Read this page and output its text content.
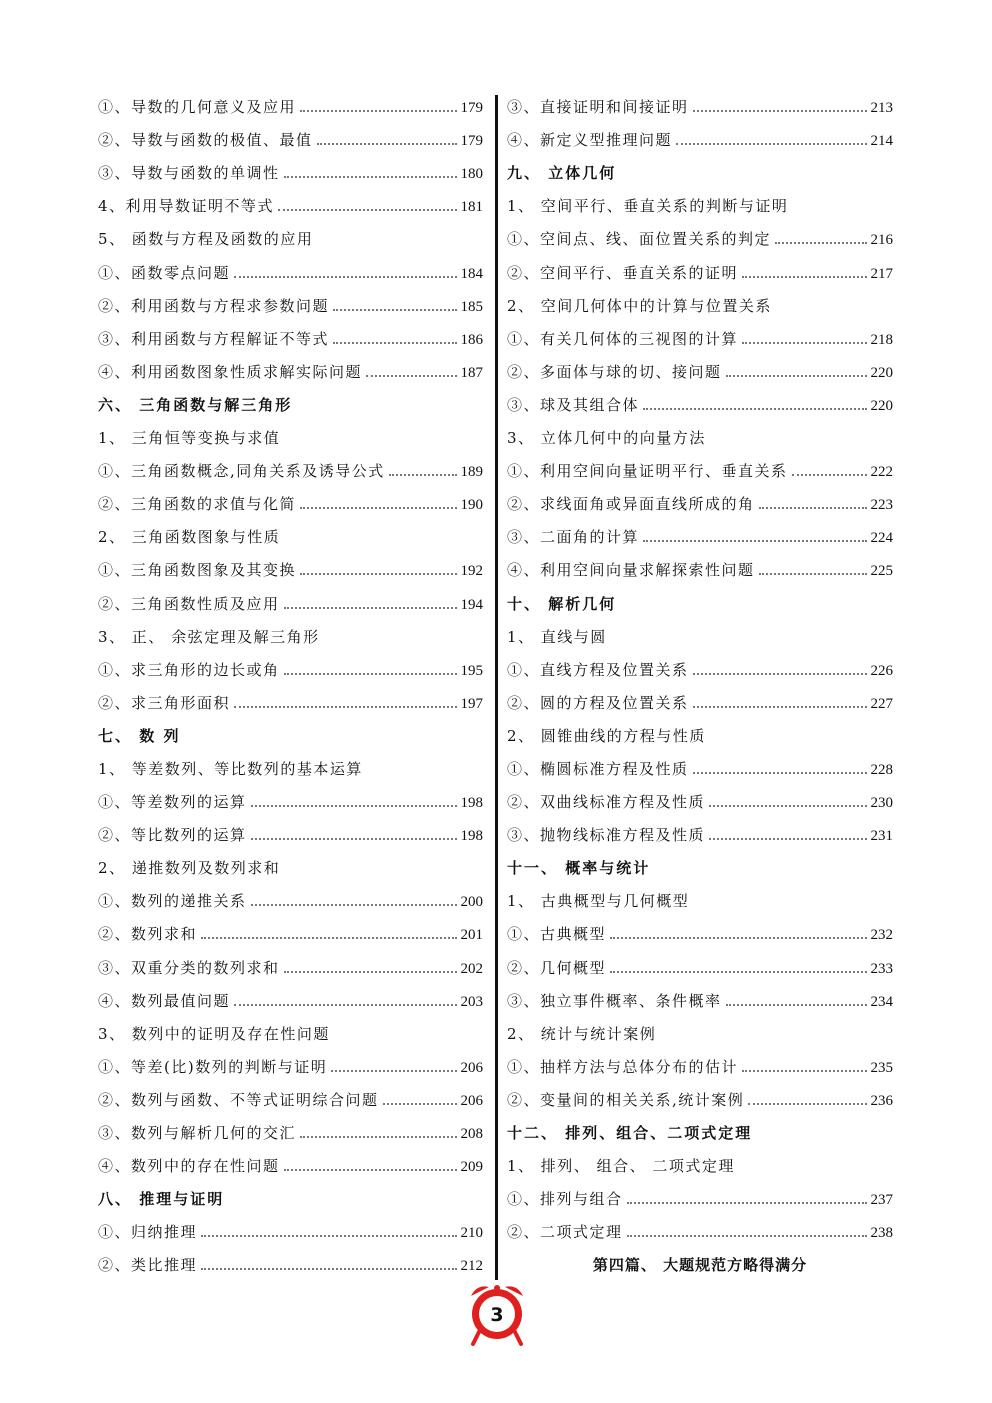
①、导数的几何意义及应用	179
②、导数与函数的极值、最值	179
③、导数与函数的单调性	180
4、利用导数证明不等式	181
5、 函数与方程及函数的应用
①、函数零点问题	184
②、利用函数与方程求参数问题	185
③、利用函数与方程解证不等式	186
④、利用函数图象性质求解实际问题	187
六、 三角函数与解三角形
1、 三角恒等变换与求值
①、三角函数概念,同角关系及诱导公式	189
②、三角函数的求值与化简	190
2、 三角函数图象与性质
①、三角函数图象及其变换	192
②、三角函数性质及应用	194
3、 正、 余弦定理及解三角形
①、求三角形的边长或角	195
②、求三角形面积	197
七、 数 列
1、 等差数列、等比数列的基本运算
①、等差数列的运算	198
②、等比数列的运算	198
2、 递推数列及数列求和
①、数列的递推关系	200
②、数列求和	201
③、双重分类的数列求和	202
④、数列最值问题	203
3、 数列中的证明及存在性问题
①、等差(比)数列的判断与证明	206
②、数列与函数、不等式证明综合问题	206
③、数列与解析几何的交汇	208
④、数列中的存在性问题	209
八、 推理与证明
①、归纳推理	210
②、类比推理	212
③、直接证明和间接证明	213
④、新定义型推理问题	214
九、 立体几何
1、 空间平行、垂直关系的判断与证明
①、空间点、线、面位置关系的判定	216
②、空间平行、垂直关系的证明	217
2、 空间几何体中的计算与位置关系
①、有关几何体的三视图的计算	218
②、多面体与球的切、接问题	220
③、球及其组合体	220
3、 立体几何中的向量方法
①、利用空间向量证明平行、垂直关系	222
②、求线面角或异面直线所成的角	223
③、二面角的计算	224
④、利用空间向量求解探索性问题	225
十、 解析几何
1、 直线与圆
①、直线方程及位置关系	226
②、圆的方程及位置关系	227
2、 圆锥曲线的方程与性质
①、椭圆标准方程及性质	228
②、双曲线标准方程及性质	230
③、抛物线标准方程及性质	231
十一、 概率与统计
1、 古典概型与几何概型
①、古典概型	232
②、几何概型	233
③、独立事件概率、条件概率	234
2、 统计与统计案例
①、抽样方法与总体分布的估计	235
②、变量间的相关关系,统计案例	236
十二、 排列、组合、二项式定理
1、 排列、 组合、 二项式定理
①、排列与组合	237
②、二项式定理	238
第四篇、 大题规范方略得满分
3
